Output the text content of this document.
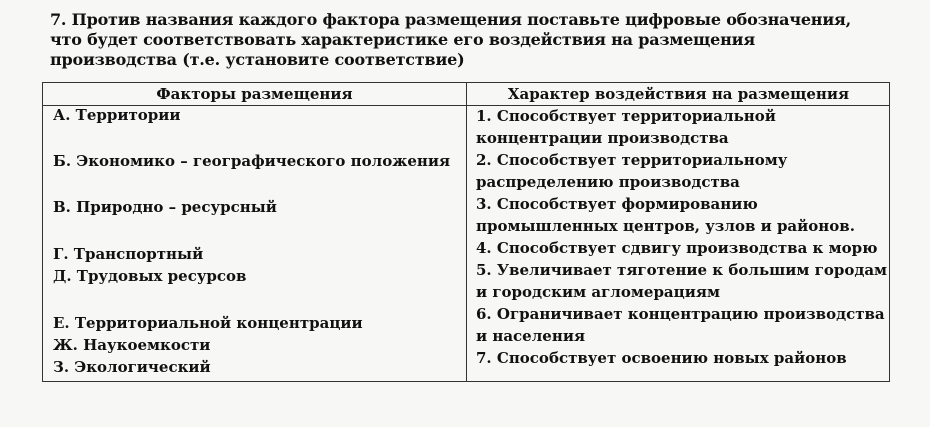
7. Против названия каждого фактора размещения поставьте цифровые обозначения, что будет соответствовать характеристике его воздействия на размещения производства (т.е. установите соответствие)
Факторы размещения	Характер воздействия на размещения
А. Территории
Б. Экономико – географического положения
В. Природно – ресурсный
Г. Транспортный
Д. Трудовых ресурсов
Е. Территориальной концентрации
Ж. Наукоемкости
З. Экологический

1. Способствует территориальной концентрации производства

2. Способствует территориальному распределению производства

3. Способствует формированию промышленных центров, узлов и районов.

4. Способствует сдвигу производства к морю

5. Увеличивает тяготение к большим городам и городским агломерациям

6. Ограничивает концентрацию производства и населения

7. Способствует освоению новых районов
